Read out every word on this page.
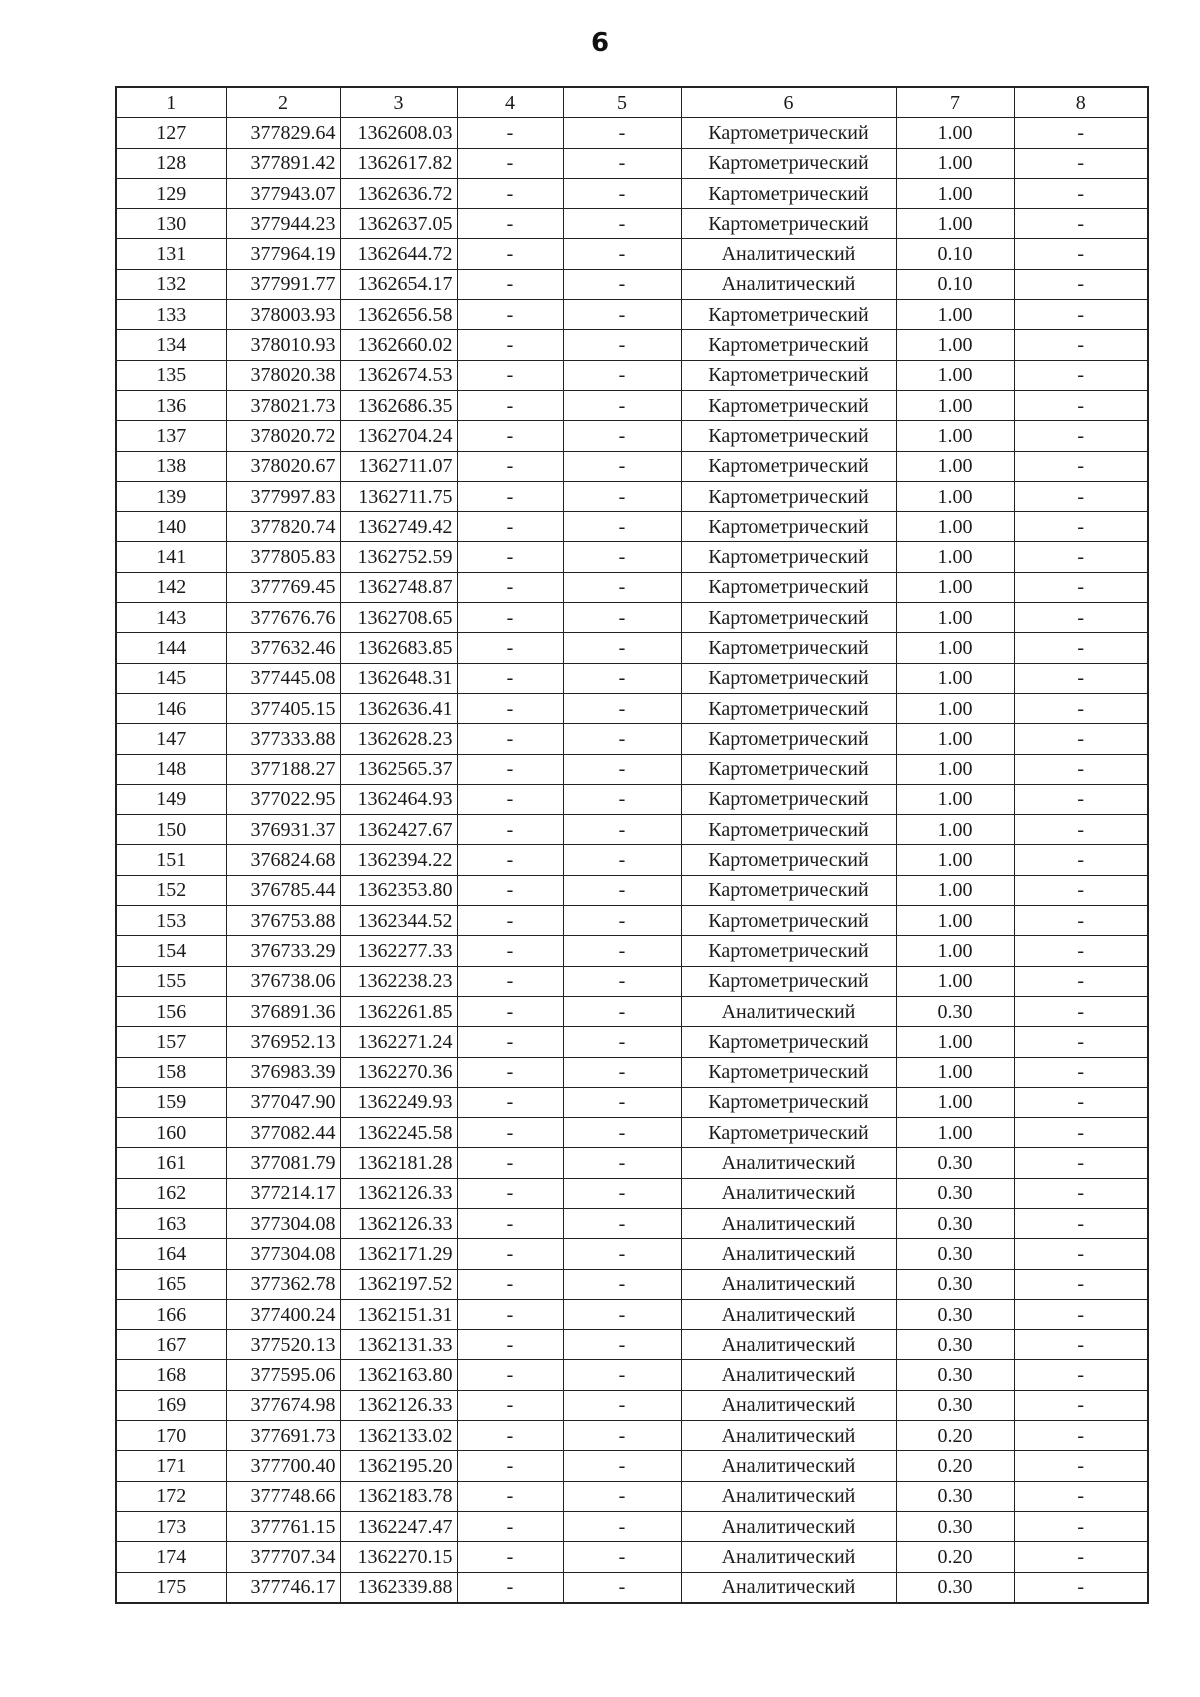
6
1	2	3	4	5	6	7	8
127	377829.64	1362608.03	-	-	Картометрический	1.00	-
128	377891.42	1362617.82	-	-	Картометрический	1.00	-
129	377943.07	1362636.72	-	-	Картометрический	1.00	-
130	377944.23	1362637.05	-	-	Картометрический	1.00	-
131	377964.19	1362644.72	-	-	Аналитический	0.10	-
132	377991.77	1362654.17	-	-	Аналитический	0.10	-
133	378003.93	1362656.58	-	-	Картометрический	1.00	-
134	378010.93	1362660.02	-	-	Картометрический	1.00	-
135	378020.38	1362674.53	-	-	Картометрический	1.00	-
136	378021.73	1362686.35	-	-	Картометрический	1.00	-
137	378020.72	1362704.24	-	-	Картометрический	1.00	-
138	378020.67	1362711.07	-	-	Картометрический	1.00	-
139	377997.83	1362711.75	-	-	Картометрический	1.00	-
140	377820.74	1362749.42	-	-	Картометрический	1.00	-
141	377805.83	1362752.59	-	-	Картометрический	1.00	-
142	377769.45	1362748.87	-	-	Картометрический	1.00	-
143	377676.76	1362708.65	-	-	Картометрический	1.00	-
144	377632.46	1362683.85	-	-	Картометрический	1.00	-
145	377445.08	1362648.31	-	-	Картометрический	1.00	-
146	377405.15	1362636.41	-	-	Картометрический	1.00	-
147	377333.88	1362628.23	-	-	Картометрический	1.00	-
148	377188.27	1362565.37	-	-	Картометрический	1.00	-
149	377022.95	1362464.93	-	-	Картометрический	1.00	-
150	376931.37	1362427.67	-	-	Картометрический	1.00	-
151	376824.68	1362394.22	-	-	Картометрический	1.00	-
152	376785.44	1362353.80	-	-	Картометрический	1.00	-
153	376753.88	1362344.52	-	-	Картометрический	1.00	-
154	376733.29	1362277.33	-	-	Картометрический	1.00	-
155	376738.06	1362238.23	-	-	Картометрический	1.00	-
156	376891.36	1362261.85	-	-	Аналитический	0.30	-
157	376952.13	1362271.24	-	-	Картометрический	1.00	-
158	376983.39	1362270.36	-	-	Картометрический	1.00	-
159	377047.90	1362249.93	-	-	Картометрический	1.00	-
160	377082.44	1362245.58	-	-	Картометрический	1.00	-
161	377081.79	1362181.28	-	-	Аналитический	0.30	-
162	377214.17	1362126.33	-	-	Аналитический	0.30	-
163	377304.08	1362126.33	-	-	Аналитический	0.30	-
164	377304.08	1362171.29	-	-	Аналитический	0.30	-
165	377362.78	1362197.52	-	-	Аналитический	0.30	-
166	377400.24	1362151.31	-	-	Аналитический	0.30	-
167	377520.13	1362131.33	-	-	Аналитический	0.30	-
168	377595.06	1362163.80	-	-	Аналитический	0.30	-
169	377674.98	1362126.33	-	-	Аналитический	0.30	-
170	377691.73	1362133.02	-	-	Аналитический	0.20	-
171	377700.40	1362195.20	-	-	Аналитический	0.20	-
172	377748.66	1362183.78	-	-	Аналитический	0.30	-
173	377761.15	1362247.47	-	-	Аналитический	0.30	-
174	377707.34	1362270.15	-	-	Аналитический	0.20	-
175	377746.17	1362339.88	-	-	Аналитический	0.30	-
